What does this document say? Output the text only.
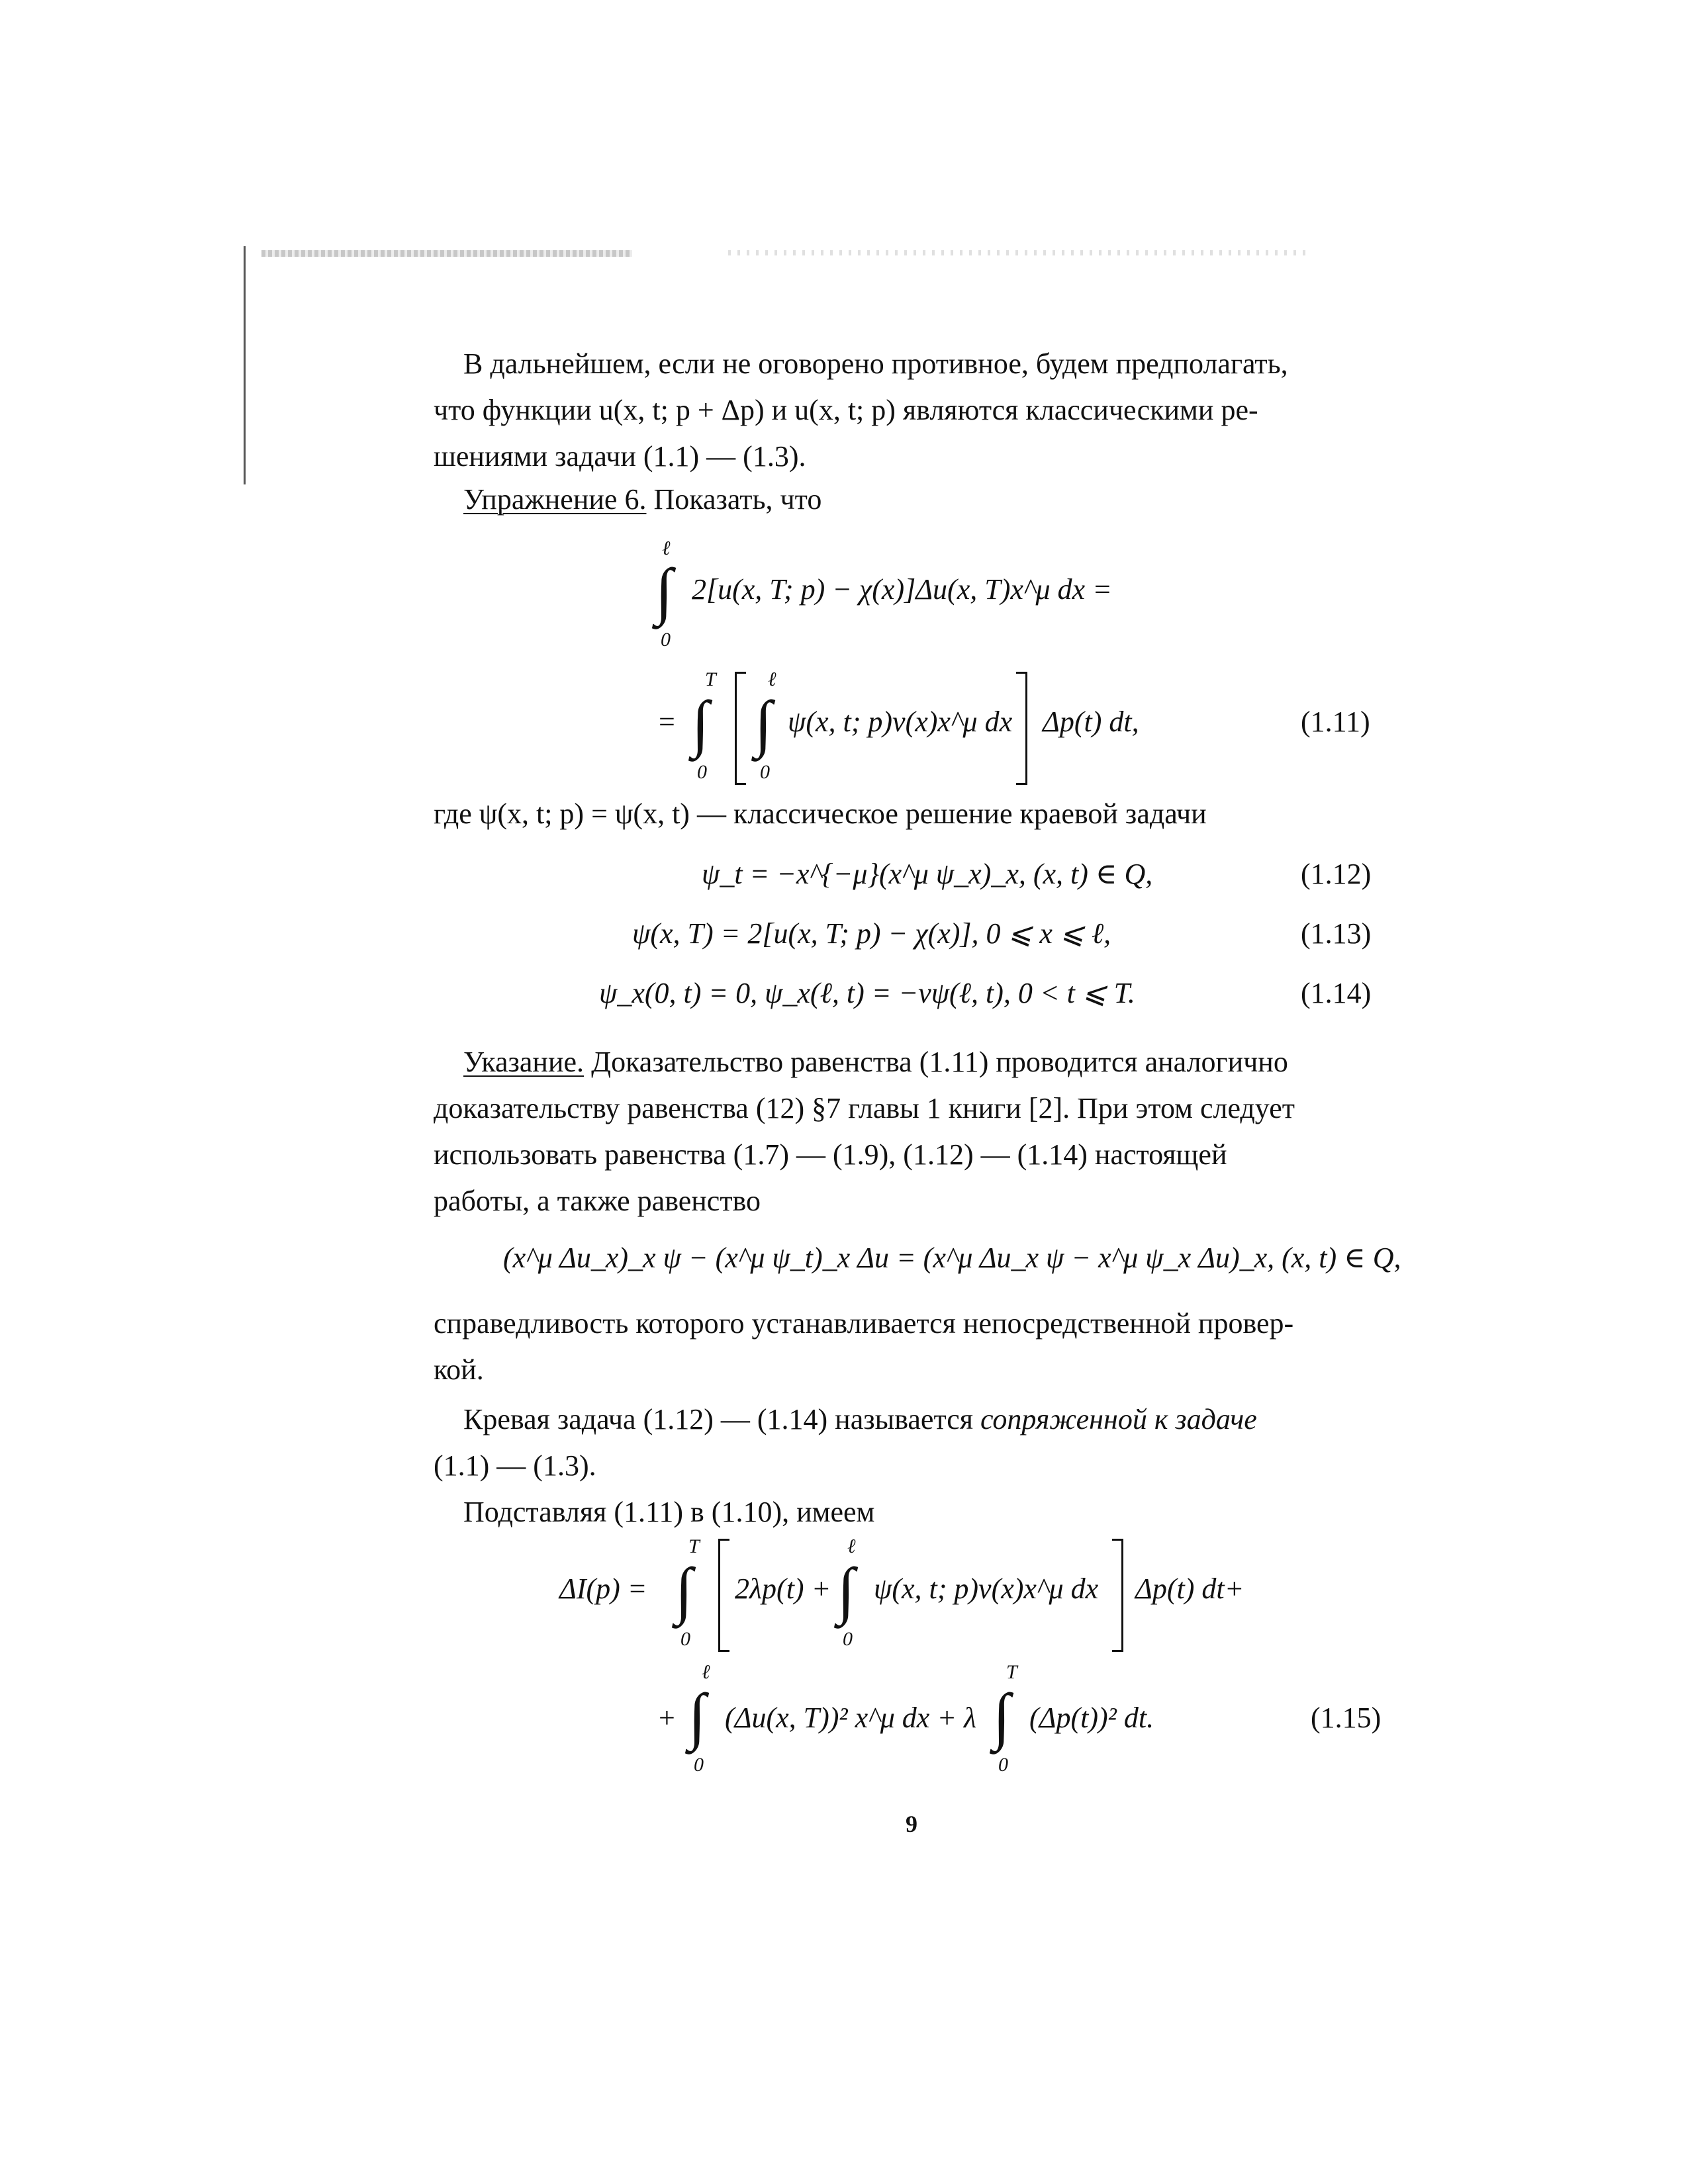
В дальнейшем, если не оговорено противное, будем предполагать,
что функции u(x, t; p + Δp) и u(x, t; p) являются классическими ре-
шениями задачи (1.1) — (1.3).
Упражнение 6. Показать, что
ℓ
∫
0
2[u(x, T; p) − χ(x)]Δu(x, T)x^μ dx =
=
T
∫
0
ℓ
∫
0
ψ(x, t; p)v(x)x^μ dx Δp(t) dt,	(1.11)
где ψ(x, t; p) = ψ(x, t) — классическое решение краевой задачи
ψ_t = −x^{−μ}(x^μ ψ_x)_x, (x, t) ∈ Q,	(1.12)
ψ(x, T) = 2[u(x, T; p) − χ(x)], 0 ⩽ x ⩽ ℓ,	(1.13)
ψ_x(0, t) = 0, ψ_x(ℓ, t) = −νψ(ℓ, t), 0 < t ⩽ T.	(1.14)
Указание. Доказательство равенства (1.11) проводится аналогично
доказательству равенства (12) §7 главы 1 книги [2]. При этом следует
использовать равенства (1.7) — (1.9), (1.12) — (1.14) настоящей
работы, а также равенство
(x^μ Δu_x)_x ψ − (x^μ ψ_t)_x Δu = (x^μ Δu_x ψ − x^μ ψ_x Δu)_x, (x, t) ∈ Q,
справедливость которого устанавливается непосредственной провер-
кой.
Кревая задача (1.12) — (1.14) называется сопряженной к задаче
(1.1) — (1.3).
Подставляя (1.11) в (1.10), имеем
ΔI(p) =
T
∫
0
2λp(t) +
ℓ
∫
0
ψ(x, t; p)v(x)x^μ dx Δp(t) dt+
+
ℓ
∫
0
(Δu(x, T))² x^μ dx + λ
T
∫
0
(Δp(t))² dt.	(1.15)
9
